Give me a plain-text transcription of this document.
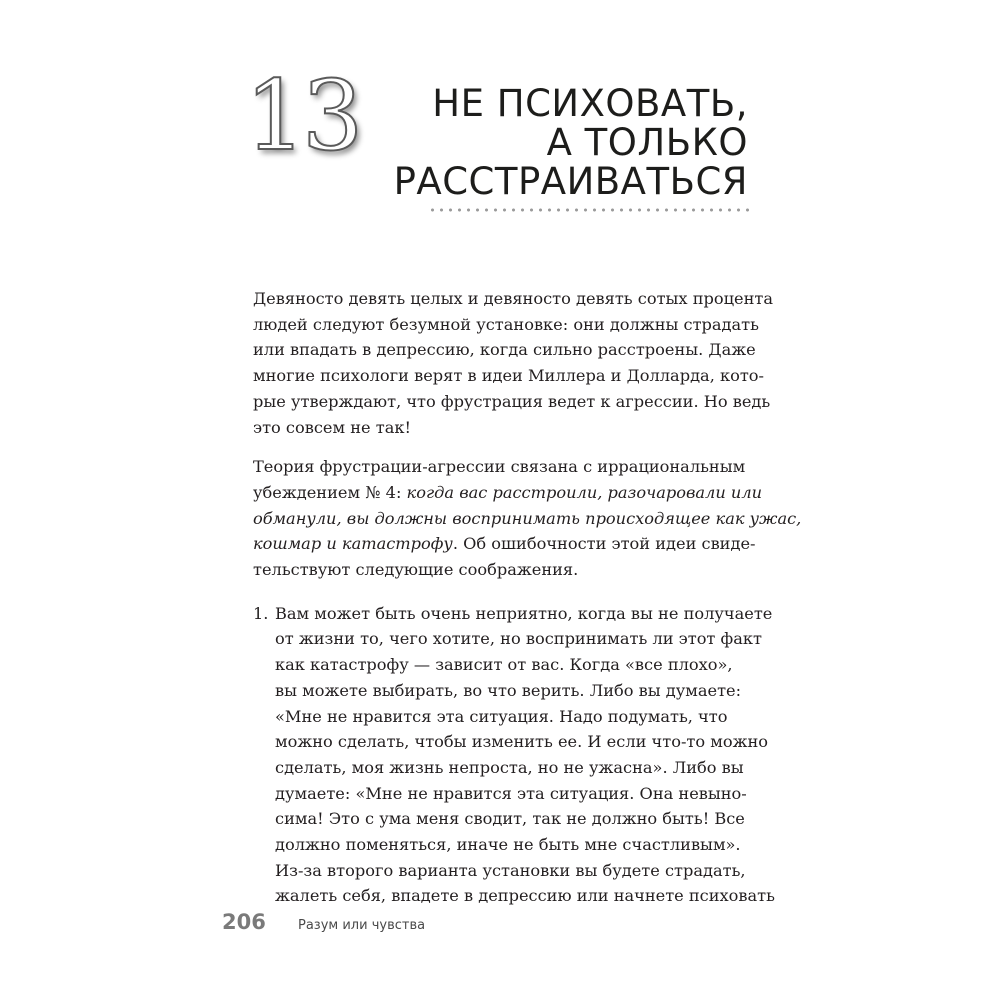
13	НЕ ПСИХОВАТЬ,
А ТОЛЬКО
РАССТРАИВАТЬСЯ
Девяносто девять целых и девяносто девять сотых процента
людей следуют безумной установке: они должны страдать
или впадать в депрессию, когда сильно расстроены. Даже
многие психологи верят в идеи Миллера и Долларда, кото-
рые утверждают, что фрустрация ведет к агрессии. Но ведь
это совсем не так!
Теория фрустрации-агрессии связана с иррациональным
убеждением № 4: когда вас расстроили, разочаровали или
обманули, вы должны воспринимать происходящее как ужас,
кошмар и катастрофу. Об ошибочности этой идеи свиде-
тельствуют следующие соображения.
1. Вам может быть очень неприятно, когда вы не получаете
от жизни то, чего хотите, но воспринимать ли этот факт
как катастрофу — зависит от вас. Когда «все плохо»,
вы можете выбирать, во что верить. Либо вы думаете:
«Мне не нравится эта ситуация. Надо подумать, что
можно сделать, чтобы изменить ее. И если что-то можно
сделать, моя жизнь непроста, но не ужасна». Либо вы
думаете: «Мне не нравится эта ситуация. Она невыно-
сима! Это с ума меня сводит, так не должно быть! Все
должно поменяться, иначе не быть мне счастливым».
Из-за второго варианта установки вы будете страдать,
жалеть себя, впадете в депрессию или начнете психовать
206 Разум или чувства
